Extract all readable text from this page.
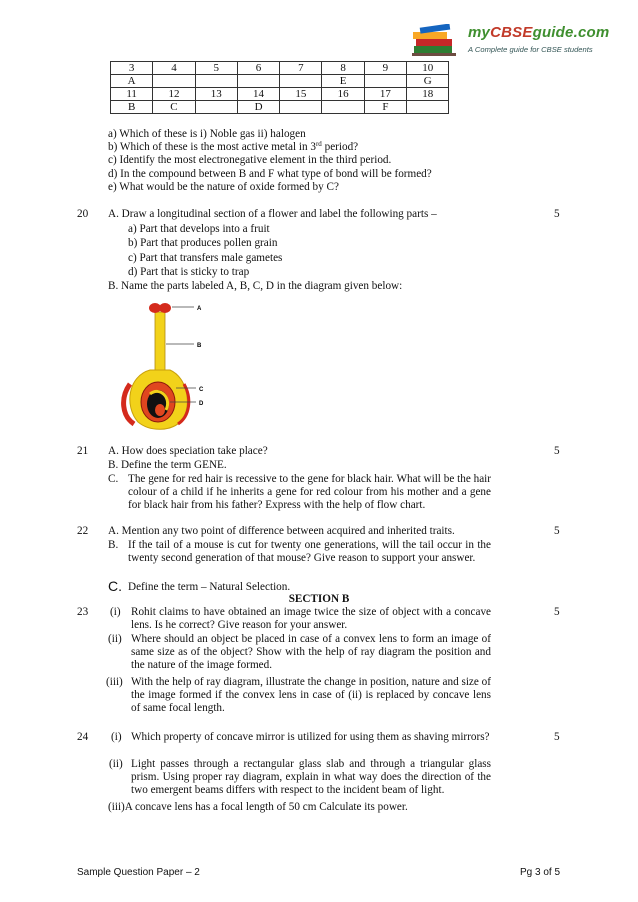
myCBSEguide.com
A Complete guide for CBSE students
3	4	5	6	7	8	9	10
A					E		G
11	12	13	14	15	16	17	18
B	C		D			F	
a) Which of these is i) Noble gas ii) halogen
b) Which of these is the most active metal in 3rd period?
c) Identify the most electronegative element in the third period.
d) In the compound between B and F what type of bond will be formed?
e) What would be the nature of oxide formed by C?
20	5
A. Draw a longitudinal section of a flower and label the following parts –
a) Part that develops into a fruit
b) Part that produces pollen grain
c) Part that transfers male gametes
d) Part that is sticky to trap
B. Name the parts labeled A, B, C, D in the diagram given below:
A
B
C
D
21	5
A. How does speciation take place?
B. Define the term GENE.
C. The gene for red hair is recessive to the gene for black hair. What will be the hair colour of a child if he inherits a gene for red colour from his mother and a gene for black hair from his father? Express with the help of flow chart.
22	5
A. Mention any two point of difference between acquired and inherited traits.
B. If the tail of a mouse is cut for twenty one generations, will the tail occur in the twenty second generation of that mouse? Give reason to support your answer.
C. Define the term – Natural Selection.
SECTION B
23	5
(i) Rohit claims to have obtained an image twice the size of object with a concave lens. Is he correct? Give reason for your answer.
(ii) Where should an object be placed in case of a convex lens to form an image of same size as of the object? Show with the help of ray diagram the position and the nature of the image formed.
(iii) With the help of ray diagram, illustrate the change in position, nature and size of the image formed if the convex lens in case of (ii) is replaced by concave lens of same focal length.
24	5
(i) Which property of concave mirror is utilized for using them as shaving mirrors?
(ii) Light passes through a rectangular glass slab and through a triangular glass prism. Using proper ray diagram, explain in what way does the direction of the two emergent beams differs with respect to the incident beam of light.
(iii)A concave lens has a focal length of 50 cm Calculate its power.
Sample Question Paper – 2	Pg 3 of 5
